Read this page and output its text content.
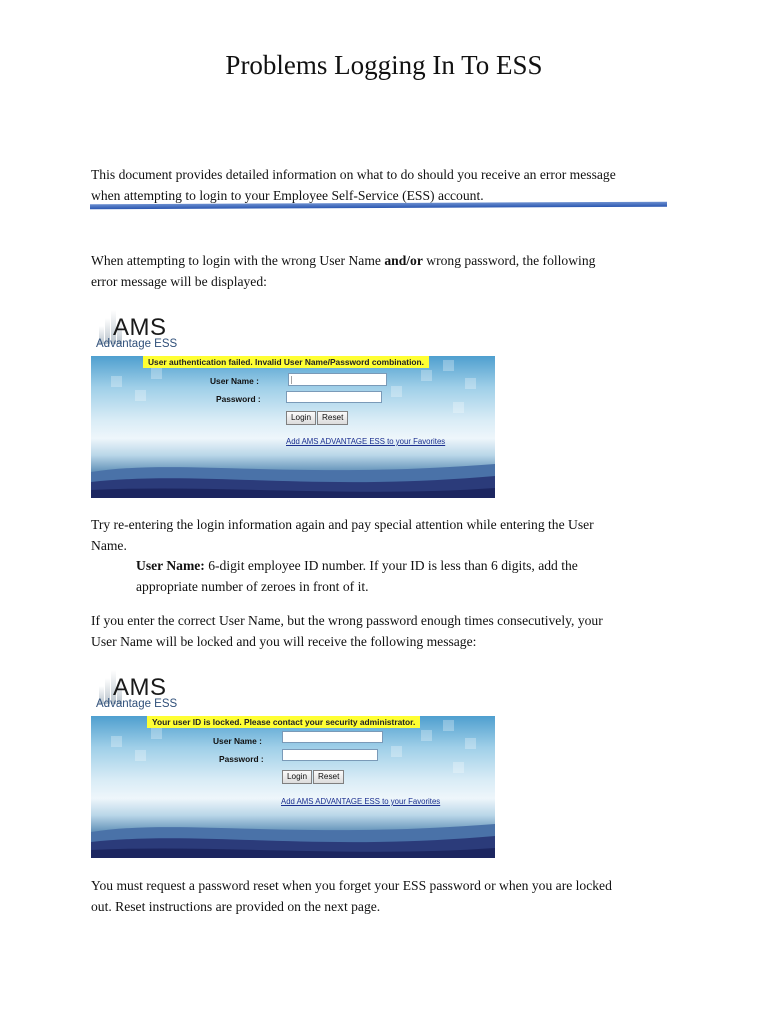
Problems Logging In To ESS
This document provides detailed information on what to do should you receive an error message
when attempting to login to your Employee Self-Service (ESS) account.
When attempting to login with the wrong User Name and/or wrong password, the following
error message will be displayed:
AMS
Advantage ESS
User authentication failed. Invalid User Name/Password combination.
User Name :	|
Password :
Login	Reset
Add AMS ADVANTAGE ESS to your Favorites
Try re-entering the login information again and pay special attention while entering the User
Name.
User Name: 6-digit employee ID number. If your ID is less than 6 digits, add the
appropriate number of zeroes in front of it.
If you enter the correct User Name, but the wrong password enough times consecutively, your
User Name will be locked and you will receive the following message:
AMS
Advantage ESS
Your user ID is locked. Please contact your security administrator.
User Name :
Password :
Login	Reset
Add AMS ADVANTAGE ESS to your Favorites
You must request a password reset when you forget your ESS password or when you are locked
out. Reset instructions are provided on the next page.
